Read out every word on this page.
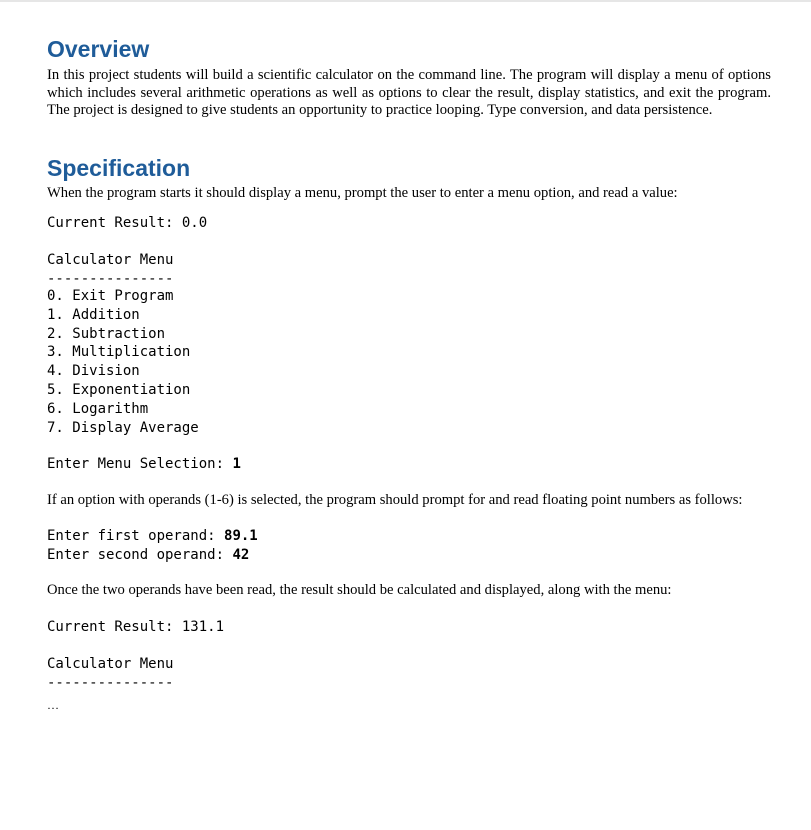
Overview

In this project students will build a scientific calculator on the command line. The program will display a menu of options which includes several arithmetic operations as well as options to clear the result, display statistics, and exit the program. The project is designed to give students an opportunity to practice looping. Type conversion, and data persistence.

Specification

When the program starts it should display a menu, prompt the user to enter a menu option, and read a value:

Current Result: 0.0
Calculator Menu
---------------
0. Exit Program
1. Addition
2. Subtraction
3. Multiplication
4. Division
5. Exponentiation
6. Logarithm
7. Display Average
Enter Menu Selection: 1

If an option with operands (1-6) is selected, the program should prompt for and read floating point numbers as follows:

Enter first operand: 89.1
Enter second operand: 42

Once the two operands have been read, the result should be calculated and displayed, along with the menu:

Current Result: 131.1
Calculator Menu
---------------
…
